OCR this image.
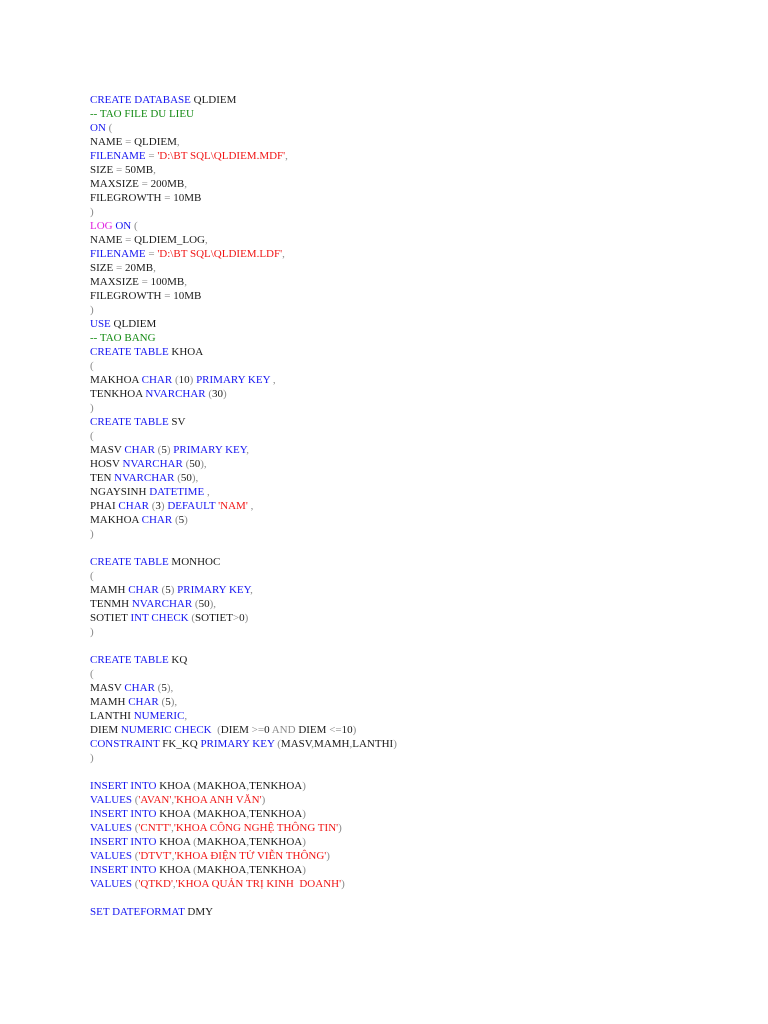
CREATE DATABASE QLDIEM
-- TAO FILE DU LIEU
ON (
NAME = QLDIEM,
FILENAME = 'D:\BT SQL\QLDIEM.MDF',
SIZE = 50MB,
MAXSIZE = 200MB,
FILEGROWTH = 10MB
)
LOG ON (
NAME = QLDIEM_LOG,
FILENAME = 'D:\BT SQL\QLDIEM.LDF',
SIZE = 20MB,
MAXSIZE = 100MB,
FILEGROWTH = 10MB
)
USE QLDIEM
-- TAO BANG
CREATE TABLE KHOA
(
MAKHOA CHAR (10) PRIMARY KEY ,
TENKHOA NVARCHAR (30)
)
CREATE TABLE SV
(
MASV CHAR (5) PRIMARY KEY,
HOSV NVARCHAR (50),
TEN NVARCHAR (50),
NGAYSINH DATETIME ,
PHAI CHAR (3) DEFAULT 'NAM' ,
MAKHOA CHAR (5)
)
CREATE TABLE MONHOC
(
MAMH CHAR (5) PRIMARY KEY,
TENMH NVARCHAR (50),
SOTIET INT CHECK (SOTIET>0)
)
CREATE TABLE KQ
(
MASV CHAR (5),
MAMH CHAR (5),
LANTHI NUMERIC,
DIEM NUMERIC CHECK  (DIEM >=0 AND DIEM <=10)
CONSTRAINT FK_KQ PRIMARY KEY (MASV,MAMH,LANTHI)
)
INSERT INTO KHOA (MAKHOA,TENKHOA)
VALUES ('AVAN','KHOA ANH VĂN')
INSERT INTO KHOA (MAKHOA,TENKHOA)
VALUES ('CNTT','KHOA CÔNG NGHỆ THÔNG TIN')
INSERT INTO KHOA (MAKHOA,TENKHOA)
VALUES ('DTVT','KHOA ĐIỆN TỬ VIỄN THÔNG')
INSERT INTO KHOA (MAKHOA,TENKHOA)
VALUES ('QTKD','KHOA QUẢN TRỊ KINH  DOANH')
SET DATEFORMAT DMY
